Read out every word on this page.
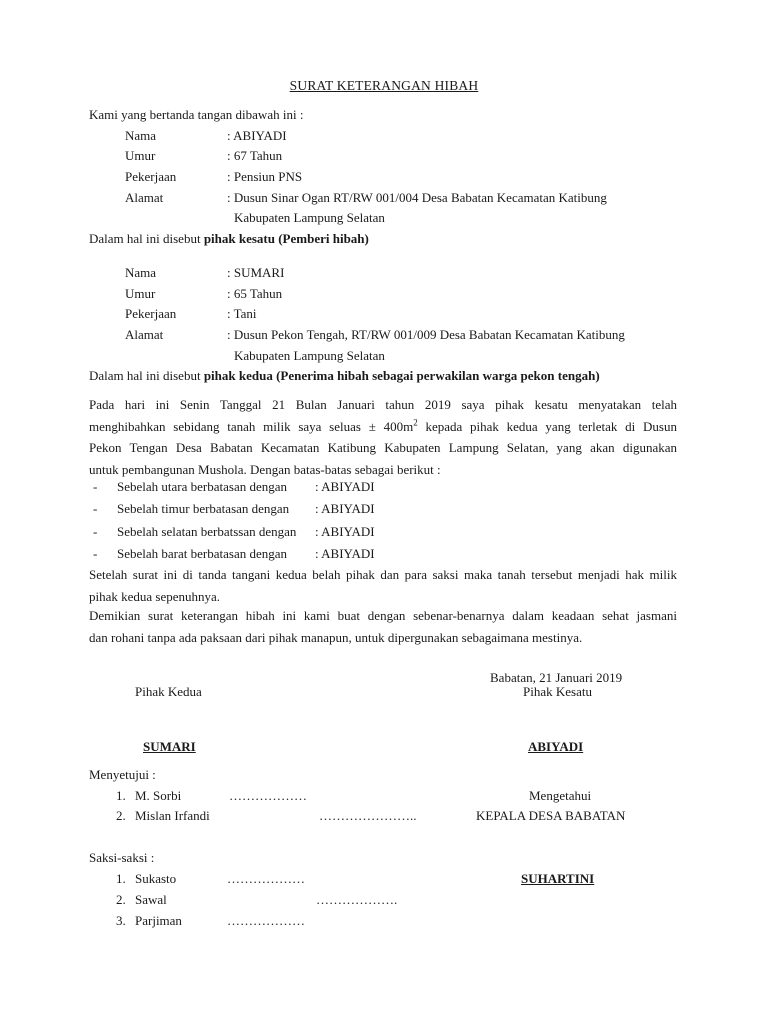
SURAT KETERANGAN HIBAH
Kami yang bertanda tangan dibawah ini :
Nama	: ABIYADI
Umur	: 67 Tahun
Pekerjaan	: Pensiun PNS
Alamat	: Dusun Sinar Ogan RT/RW 001/004 Desa Babatan Kecamatan Katibung
Kabupaten Lampung Selatan
Dalam hal ini disebut pihak kesatu (Pemberi hibah)
Nama	: SUMARI
Umur	: 65 Tahun
Pekerjaan	: Tani
Alamat	: Dusun Pekon Tengah, RT/RW 001/009 Desa Babatan Kecamatan Katibung
Kabupaten Lampung Selatan
Dalam hal ini disebut pihak kedua (Penerima hibah sebagai perwakilan warga pekon tengah)
Pada hari ini Senin Tanggal 21 Bulan Januari tahun 2019 saya pihak kesatu menyatakan telah
menghibahkan sebidang tanah milik saya seluas ± $400m^2$ kepada pihak kedua yang terletak di Dusun
Pekon Tengan Desa Babatan Kecamatan Katibung Kabupaten Lampung Selatan, yang akan digunakan
untuk pembangunan Mushola. Dengan batas-batas sebagai berikut :
- Sebelah utara berbatasan dengan : ABIYADI
- Sebelah timur berbatasan dengan : ABIYADI
- Sebelah selatan berbatssan dengan : ABIYADI
- Sebelah barat berbatasan dengan : ABIYADI
Setelah surat ini di tanda tangani kedua belah pihak dan para saksi maka tanah tersebut menjadi hak milik
pihak kedua sepenuhnya.
Demikian surat keterangan hibah ini kami buat dengan sebenar-benarnya dalam keadaan sehat jasmani
dan rohani tanpa ada paksaan dari pihak manapun, untuk dipergunakan sebagaimana mestinya.
Babatan, 21 Januari 2019
Pihak Kedua	Pihak Kesatu
SUMARI	ABIYADI
Menyetujui :
1. M. Sorbi	………………
2. Mislan Irfandi	…………………..
Mengetahui
KEPALA DESA BABATAN
Saksi-saksi :
1. Sukasto	………………
2. Sawal	……………….
3. Parjiman	………………
SUHARTINI
